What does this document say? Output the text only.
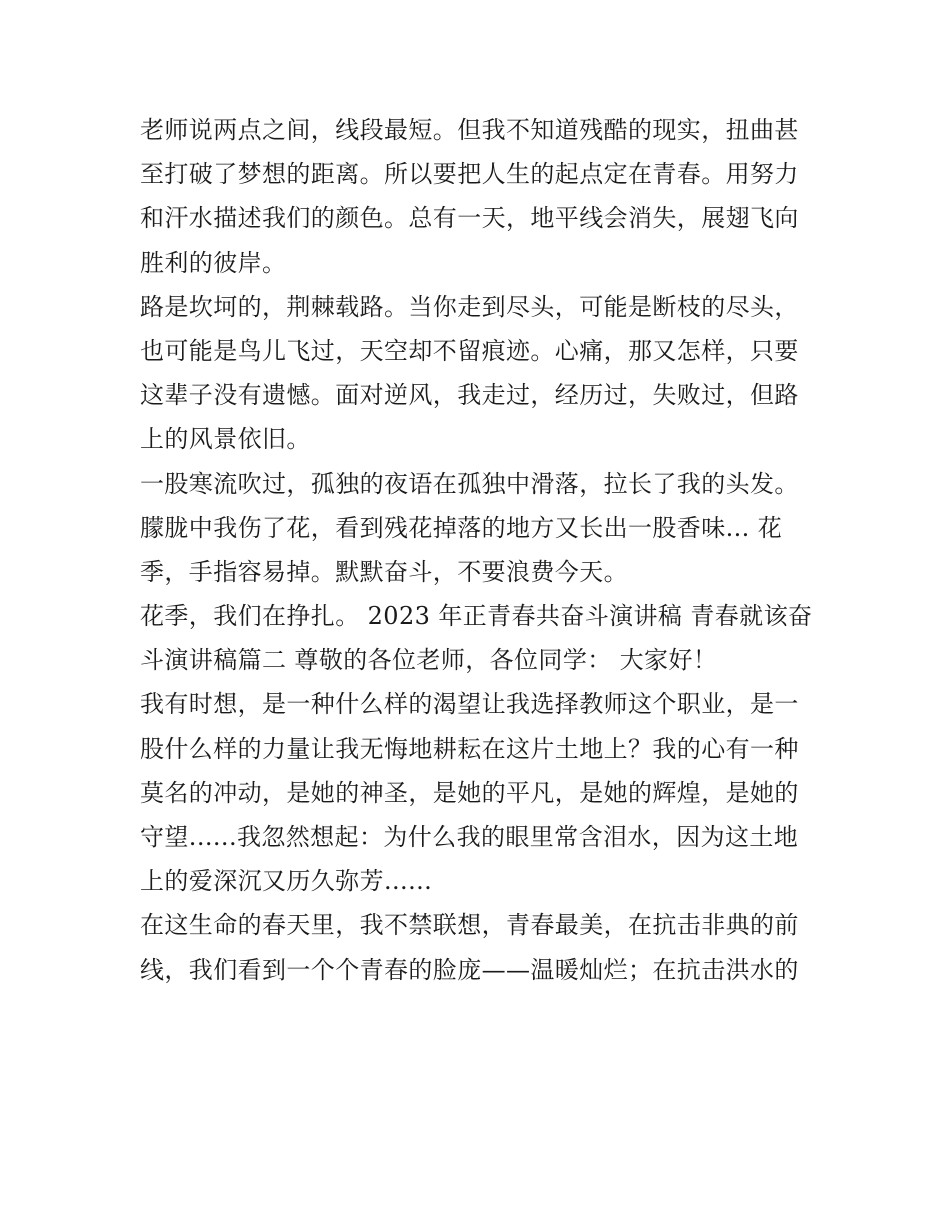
老师说两点之间，线段最短。但我不知道残酷的现实，扭曲甚
至打破了梦想的距离。所以要把人生的起点定在青春。用努力
和汗水描述我们的颜色。总有一天，地平线会消失，展翅飞向
胜利的彼岸。

路是坎坷的，荆棘载路。当你走到尽头，可能是断枝的尽头，
也可能是鸟儿飞过，天空却不留痕迹。心痛，那又怎样，只要
这辈子没有遗憾。面对逆风，我走过，经历过，失败过，但路
上的风景依旧。

一股寒流吹过，孤独的夜语在孤独中滑落，拉长了我的头发。
朦胧中我伤了花，看到残花掉落的地方又长出一股香味... 花
季，手指容易掉。默默奋斗，不要浪费今天。

花季，我们在挣扎。 2023 年正青春共奋斗演讲稿 青春就该奋
斗演讲稿篇二 尊敬的各位老师，各位同学： 大家好！

我有时想，是一种什么样的渴望让我选择教师这个职业，是一
股什么样的力量让我无悔地耕耘在这片土地上？我的心有一种
莫名的冲动，是她的神圣，是她的平凡，是她的辉煌，是她的
守望......我忽然想起：为什么我的眼里常含泪水，因为这土地
上的爱深沉又历久弥芳......

在这生命的春天里，我不禁联想，青春最美，在抗击非典的前
线，我们看到一个个青春的脸庞——温暖灿烂；在抗击洪水的
